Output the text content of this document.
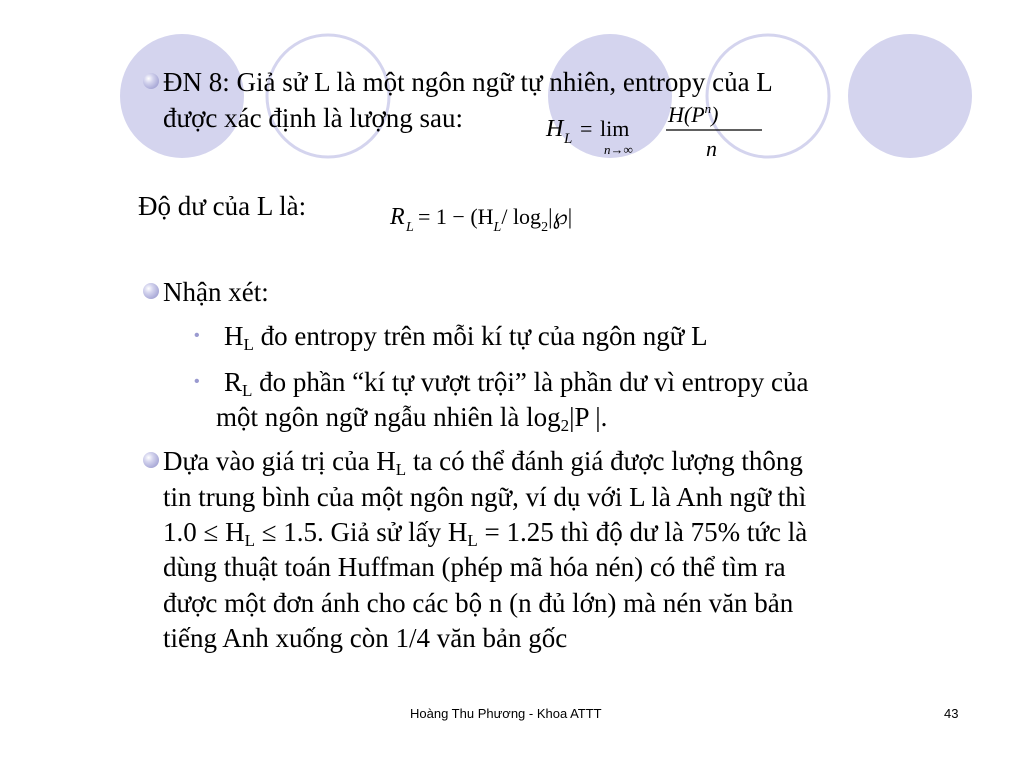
ĐN 8: Giả sử L là một ngôn ngữ tự nhiên, entropy của L
được xác định là lượng sau:	H L = lim
n→∞
$H(P^n)$
n
Độ dư của L là:	R $L = 1 - (H_L/$ $\log_2|℘|$
Nhận xét:
• $H_L$ đo entropy trên mỗi kí tự của ngôn ngữ L
• $R_L$ đo phần “kí tự vượt trội” là phần dư vì entropy của
một ngôn ngữ ngẫu nhiên là $\log_2|P$ |.
Dựa vào giá trị của $H_L$ ta có thể đánh giá được lượng thông
tin trung bình của một ngôn ngữ, ví dụ với L là Anh ngữ thì
$1.0 \le H_L \le 1.5$. Giả sử lấy $H_L = 1.25$ thì độ dư là 75% tức là
dùng thuật toán Huffman (phép mã hóa nén) có thể tìm ra
được một đơn ánh cho các bộ n (n đủ lớn) mà nén văn bản
tiếng Anh xuống còn 1/4 văn bản gốc
Hoàng Thu Phương - Khoa ATTT	43
